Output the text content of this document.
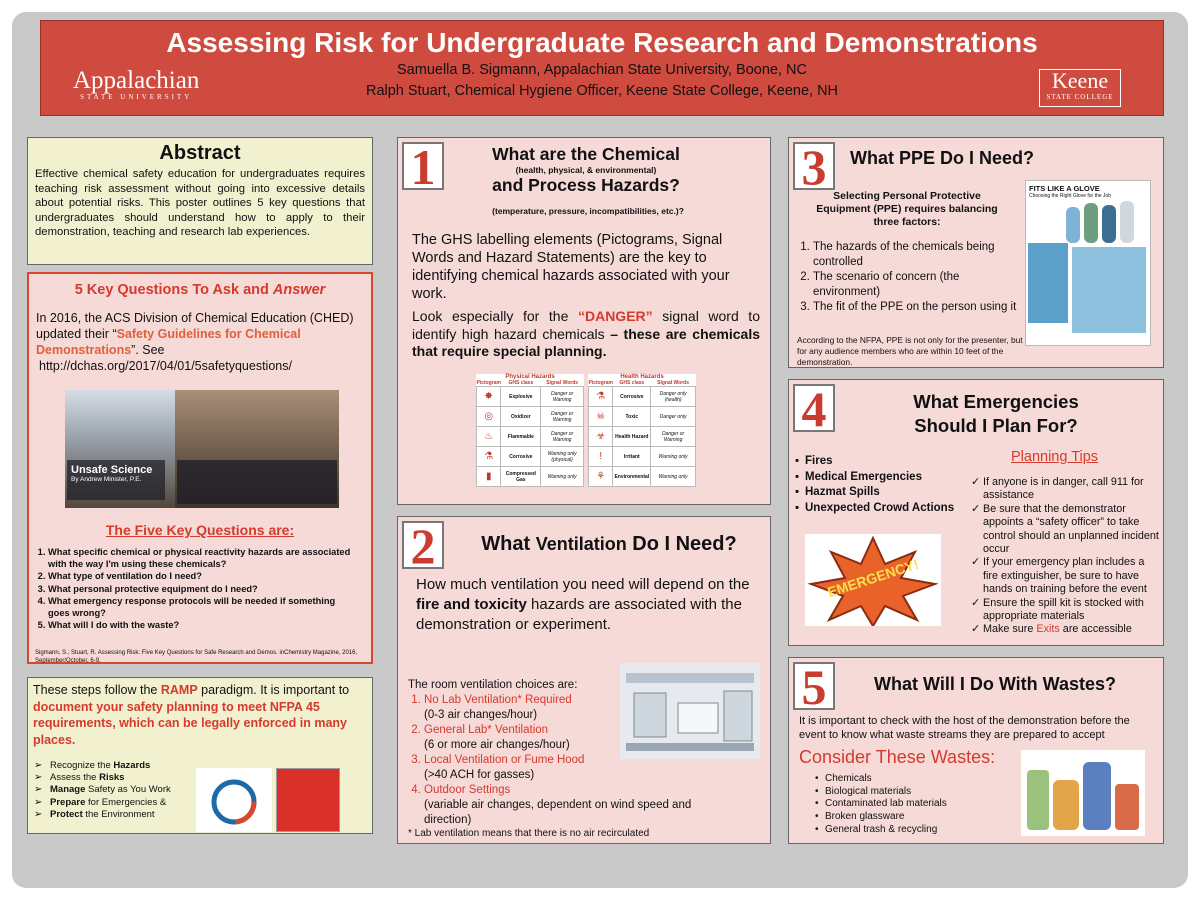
Assessing Risk for Undergraduate Research and Demonstrations
Samuella B. Sigmann, Appalachian State University, Boone, NC
Ralph Stuart, Chemical Hygiene Officer, Keene State College, Keene, NH
Appalachian
STATE UNIVERSITY
Keene
STATE COLLEGE
Abstract
Effective chemical safety education for undergraduates requires teaching risk assessment without going into excessive details about potential risks. This poster outlines 5 key questions that undergraduates should understand how to apply to their demonstration, teaching and research lab experiences.
5 Key Questions To Ask and Answer
In 2016, the ACS Division of Chemical Education (CHED) updated their “Safety Guidelines for Chemical Demonstrations”. See
http://dchas.org/2017/04/01/5safetyquestions/
Unsafe Science
By Andrew Minister, P.E.
The Five Key Questions are:
1. What specific chemical or physical reactivity hazards are associated with the way I'm using these chemicals?
2. What type of ventilation do I need?
3. What personal protective equipment do I need?
4. What emergency response protocols will be needed if something goes wrong?
5. What will I do with the waste?
Sigmann, S.; Stuart, R. Assessing Risk: Five Key Questions for Safe Research and Demos. inChemistry Magazine, 2016, September/October, 6-9.
These steps follow the RAMP paradigm. It is important to document your safety planning to meet NFPA 45 requirements, which can be legally enforced in many places.
➢ Recognize the Hazards
➢ Assess the Risks
➢ Manage Safety as You Work
➢ Prepare for Emergencies &
➢ Protect the Environment
1	What are the Chemical
(health, physical, & environmental)
and Process Hazards?
(temperature, pressure, incompatibilities, etc.)?
The GHS labelling elements (Pictograms, Signal Words and Hazard Statements) are the key to identifying chemical hazards associated with your work.
Look especially for the “DANGER” signal word to identify high hazard chemicals – these are chemicals that require special planning.
Physical Hazards
Pictogram	GHS class	Signal Words
✸	Explosive	Danger or Warning
◎	Oxidizer	Danger or Warning
♨	Flammable	Danger or Warning
⚗	Corrosive	Warning only (physical)
▮	Compressed Gas	Warning only
Health Hazards
Pictogram	GHS class	Signal Words
⚗	Corrosive	Danger only (health)
☠	Toxic	Danger only
☣	Health Hazard	Danger or Warning
!	Irritant	Warning only
⚘	Environmental	Warning only
2	What Ventilation Do I Need?
How much ventilation you need will depend on the fire and toxicity hazards are associated with the demonstration or experiment.
The room ventilation choices are:
1. No Lab Ventilation* Required
(0-3 air changes/hour)
2. General Lab* Ventilation
(6 or more air changes/hour)
3. Local Ventilation or Fume Hood
(>40 ACH for gasses)
4. Outdoor Settings
(variable air changes, dependent on wind speed and direction)
* Lab ventilation means that there is no air recirculated
3	What PPE Do I Need?
Selecting Personal Protective Equipment (PPE) requires balancing three factors:
1. The hazards of the chemicals being controlled
2. The scenario of concern (the environment)
3. The fit of the PPE on the person using it
According to the NFPA, PPE is not only for the presenter, but for any audience members who are within 10 feet of the demonstration.
FITS LIKE A GLOVE
Choosing the Right Glove for the Job
4	What Emergencies
Should I Plan For?
▪ Fires
▪ Medical Emergencies
▪ Hazmat Spills
▪ Unexpected Crowd Actions
EMERGENCY!
Planning Tips
✓ If anyone is in danger, call 911 for assistance
✓ Be sure that the demonstrator appoints a “safety officer” to take control should an unplanned incident occur
✓ If your emergency plan includes a fire extinguisher, be sure to have hands on training before the event
✓ Ensure the spill kit is stocked with appropriate materials
✓ Make sure Exits are accessible
5	What Will I Do With Wastes?
It is important to check with the host of the demonstration before the event to know what waste streams they are prepared to accept
Consider These Wastes:
• Chemicals
• Biological materials
• Contaminated lab materials
• Broken glassware
• General trash & recycling
